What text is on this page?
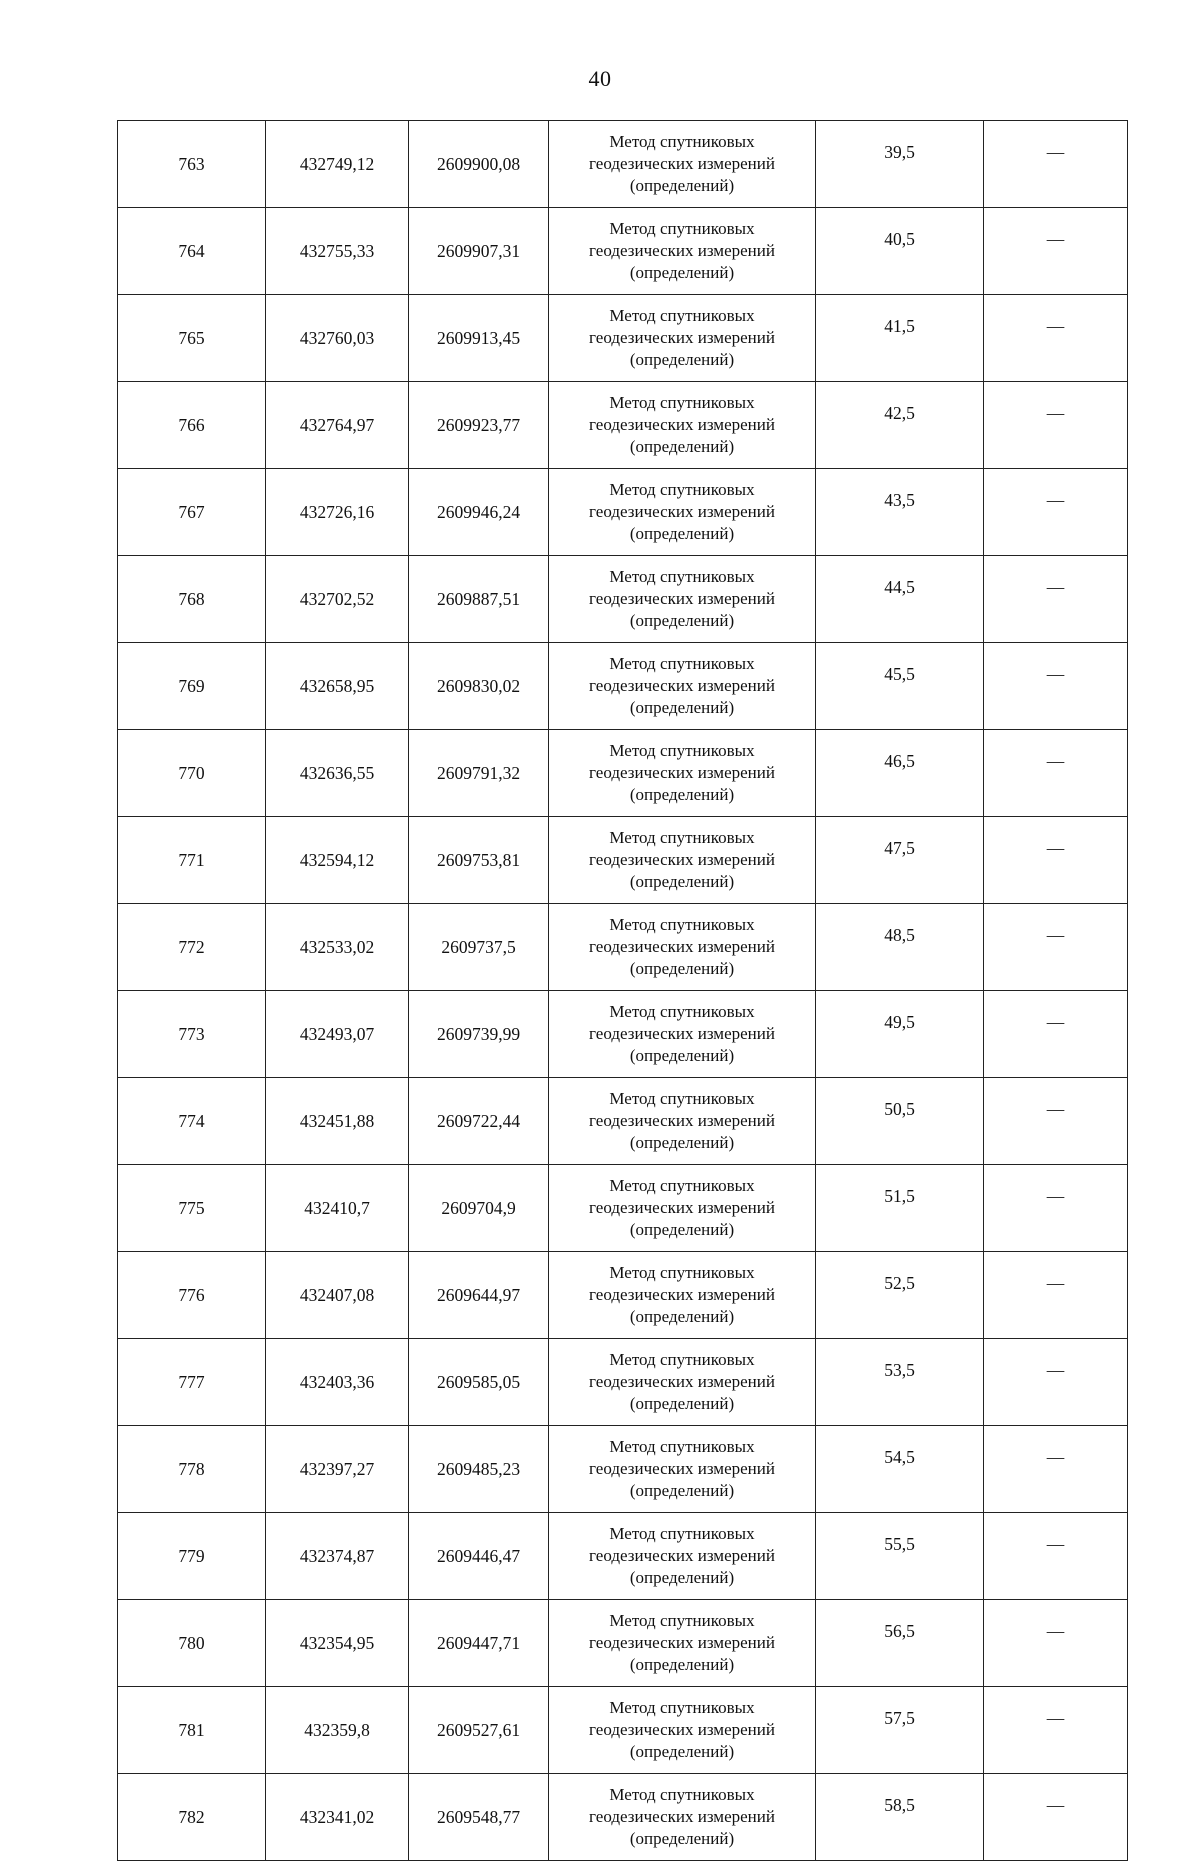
40
763	432749,12	2609900,08	Метод спутниковых
геодезических измерений
(определений)	39,5	—
764	432755,33	2609907,31	Метод спутниковых
геодезических измерений
(определений)	40,5	—
765	432760,03	2609913,45	Метод спутниковых
геодезических измерений
(определений)	41,5	—
766	432764,97	2609923,77	Метод спутниковых
геодезических измерений
(определений)	42,5	—
767	432726,16	2609946,24	Метод спутниковых
геодезических измерений
(определений)	43,5	—
768	432702,52	2609887,51	Метод спутниковых
геодезических измерений
(определений)	44,5	—
769	432658,95	2609830,02	Метод спутниковых
геодезических измерений
(определений)	45,5	—
770	432636,55	2609791,32	Метод спутниковых
геодезических измерений
(определений)	46,5	—
771	432594,12	2609753,81	Метод спутниковых
геодезических измерений
(определений)	47,5	—
772	432533,02	2609737,5	Метод спутниковых
геодезических измерений
(определений)	48,5	—
773	432493,07	2609739,99	Метод спутниковых
геодезических измерений
(определений)	49,5	—
774	432451,88	2609722,44	Метод спутниковых
геодезических измерений
(определений)	50,5	—
775	432410,7	2609704,9	Метод спутниковых
геодезических измерений
(определений)	51,5	—
776	432407,08	2609644,97	Метод спутниковых
геодезических измерений
(определений)	52,5	—
777	432403,36	2609585,05	Метод спутниковых
геодезических измерений
(определений)	53,5	—
778	432397,27	2609485,23	Метод спутниковых
геодезических измерений
(определений)	54,5	—
779	432374,87	2609446,47	Метод спутниковых
геодезических измерений
(определений)	55,5	—
780	432354,95	2609447,71	Метод спутниковых
геодезических измерений
(определений)	56,5	—
781	432359,8	2609527,61	Метод спутниковых
геодезических измерений
(определений)	57,5	—
782	432341,02	2609548,77	Метод спутниковых
геодезических измерений
(определений)	58,5	—
